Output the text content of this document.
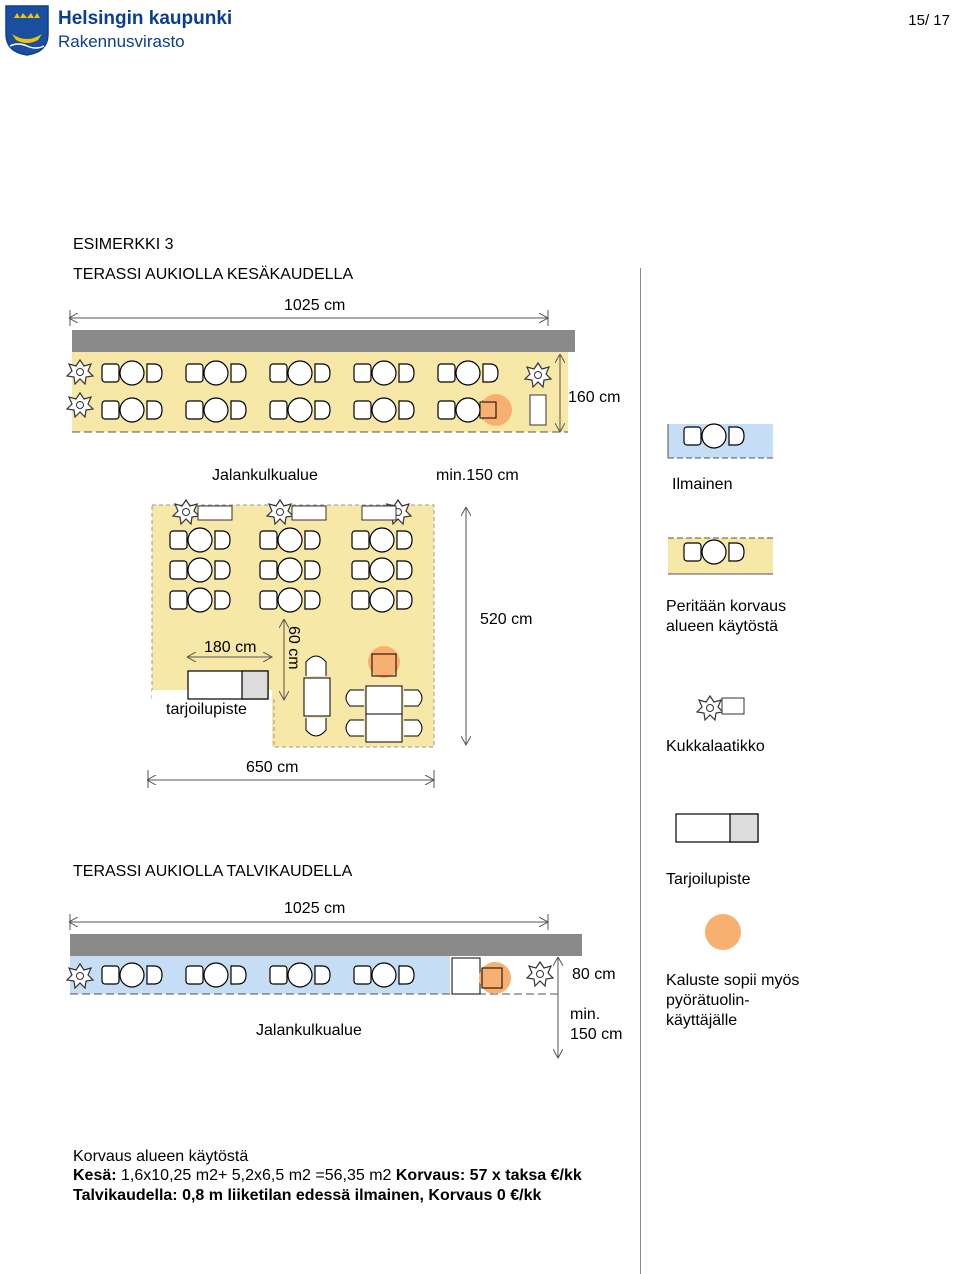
Helsingin kaupunki
Rakennusvirasto
15/ 17
ESIMERKKI 3
TERASSI AUKIOLLA KESÄKAUDELLA
1025 cm
160 cm
Jalankulkualue	min.150 cm
520 cm
180 cm 60 cm
tarjoilupiste
650 cm
TERASSI AUKIOLLA TALVIKAUDELLA
1025 cm
80 cm
min.
150 cm
Jalankulkualue
Ilmainen
Peritään korvaus
alueen käytöstä
Kukkalaatikko
Tarjoilupiste
Kaluste sopii myös
pyörätuolin-
käyttäjälle
Korvaus alueen käytöstä
Kesä: 1,6x10,25 m2+ 5,2x6,5 m2 =56,35 m2 Korvaus: 57 x taksa €/kk
Talvikaudella: 0,8 m liiketilan edessä ilmainen, Korvaus 0 €/kk
